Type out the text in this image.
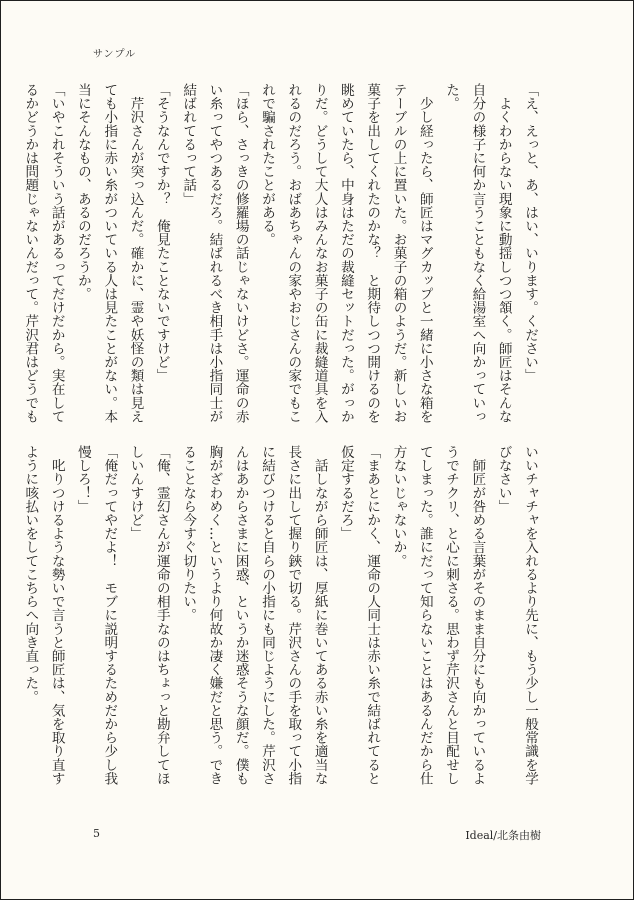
サンプル
「え、えっと、あ、はい、いります。ください」
　よくわからない現象に動揺しつつ頷く。師匠はそんな
自分の様子に何か言うこともなく給湯室へ向かっていっ
た。
　少し経ったら、師匠はマグカップと一緒に小さな箱を
テーブルの上に置いた。お菓子の箱のようだ。新しいお
菓子を出してくれたのかな？　と期待しつつ開けるのを
眺めていたら、中身はただの裁縫セットだった。がっか
りだ。どうして大人はみんなお菓子の缶に裁縫道具を入
れるのだろう。おばあちゃんの家やおじさんの家でもこ
れで騙されたことがある。
「ほら、さっきの修羅場の話じゃないけどさ。運命の赤
い糸ってやつあるだろ。結ばれるべき相手は小指同士が
結ばれてるって話」
「そうなんですか？　俺見たことないですけど」
　芹沢さんが突っ込んだ。確かに、霊や妖怪の類は見え
ても小指に赤い糸がついている人は見たことがない。本
当にそんなもの、あるのだろうか。
「いやこれそういう話があるってだけだから。実在して
るかどうかは問題じゃないんだって。芹沢君はどうでも
いいチャチャを入れるより先に、もう少し一般常識を学
びなさい」
　師匠が咎める言葉がそのまま自分にも向かっているよ
うでチクリ、と心に刺さる。思わず芹沢さんと目配せし
てしまった。誰にだって知らないことはあるんだから仕
方ないじゃないか。
「まあとにかく、運命の人同士は赤い糸で結ばれてると
仮定するだろ」
　話しながら師匠は、厚紙に巻いてある赤い糸を適当な
長さに出して握り鋏で切る。芹沢さんの手を取って小指
に結びつけると自らの小指にも同じようにした。芹沢さ
んはあからさまに困惑、というか迷惑そうな顔だ。僕も
胸がざわめく…というより何故か凄く嫌だと思う。でき
ることなら今すぐ切りたい。
「俺、霊幻さんが運命の相手なのはちょっと勘弁してほ
しいんすけど」
「俺だってやだよ！　モブに説明するためだから少し我
慢しろ！」
　叱りつけるような勢いで言うと師匠は、気を取り直す
ように咳払いをしてこちらへ向き直った。
5	Ideal/北条由樹
